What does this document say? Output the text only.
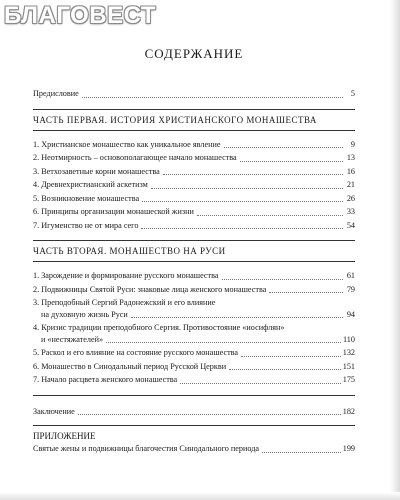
СОДЕРЖАНИЕ
Предисловие	5
ЧАСТЬ ПЕРВАЯ. ИСТОРИЯ ХРИСТИАНСКОГО МОНАШЕСТВА
1. Христианское монашество как уникальное явление	9
2. Неотмирность – основополагающее начало монашества	13
3. Ветхозаветные корни монашества	16
4. Древнехристианский аскетизм	21
5. Возникновение монашества	26
6. Принципы организации монашеской жизни	33
7. Игуменство не от мира сего	54
ЧАСТЬ ВТОРАЯ. МОНАШЕСТВО НА РУСИ
1. Зарождение и формирование русского монашества	61
2. Подвижницы Святой Руси: знаковые лица женского монашества	79
3. Преподобный Сергий Радонежский и его влияние
на духовную жизнь Руси	94
4. Кризис традиции преподобного Сергия. Противостояние «иосифлян»
и «нестяжателей»	110
5. Раскол и его влияние на состояние русского монашества	132
6. Монашество в Синодальный период Русской Церкви	151
7. Начало расцвета женского монашества	175
Заключение	182
ПРИЛОЖЕНИЕ
Святые жены и подвижницы благочестия Синодального периода	199
БЛАГОВЕСТ
